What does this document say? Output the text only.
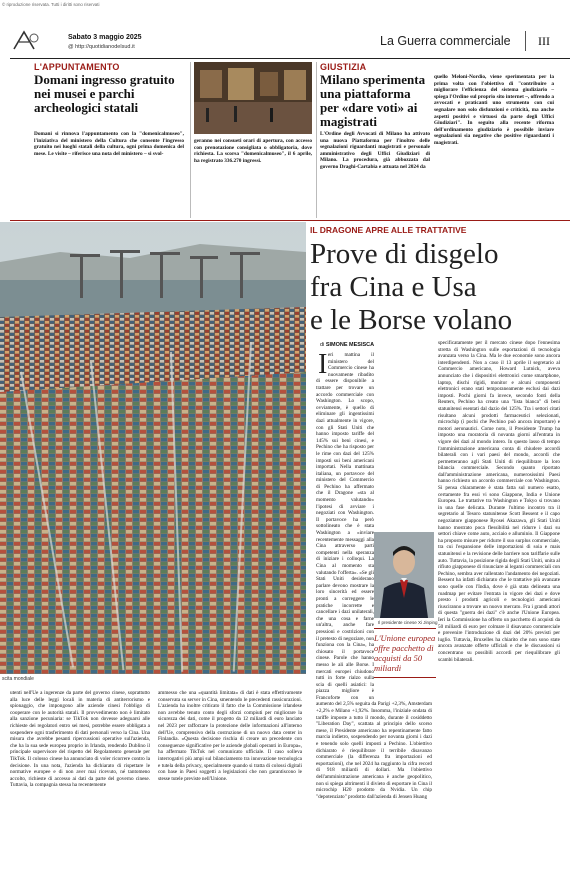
© riproduzione riservata. Tutti i diritti sono riservati
Sabato 3 maggio 2025
@ http://quotidianodelsud.it	La Guerra commerciale III
L'APPUNTAMENTO
Domani ingresso gratuito nei musei e parchi archeologici statali
Domani si rinnova l'appuntamento con la "domenicalmuseo", l'iniziativa del ministero della Cultura che consente l'ingresso gratuito nei luoghi statali della cultura, ogni prima domenica del mese. Le visite – riferisce una nota del ministero – si svol-
geranno nei consueti orari di apertura, con accesso con prenotazione consigliata o obbligatoria, dove richiesta. La scorsa "domenicalmuseo", il 6 aprile, ha registrato 336.270 ingressi.
GIUSTIZIA
Milano sperimenta una piattaforma per «dare voti» ai magistrati
L'Ordine degli Avvocati di Milano ha attivato una nuova Piattaforma per l'inoltro delle segnalazioni riguardanti magistrati e personale amministrativo degli Uffici Giudiziari di Milano. La procedura, già abbozzata dal governo Draghi-Cartabia e attuata nel 2024 da
quello Meloni-Nordio, viene sperimentata per la prima volta con l'obiettivo di "contribuire a migliorare l'efficienza del sistema giudiziario – spiega l'Ordine sul proprio sito internet –, offrendo a avvocati e praticanti uno strumento con cui segnalare non solo disfunzioni e criticità, ma anche aspetti positivi e virtuosi da parte degli Uffici Giudiziari". In seguito alla recente riforma dell'ordinamento giudiziario è possibile inviare segnalazioni sia negative che positive riguardanti i magistrati.
IL DRAGONE APRE ALLE TRATTATIVE
Prove di disgelo
fra Cina e Usa
e le Borse volano
scita mondiale
di SIMONE MESISCA
I eri mattina il ministero del Commercio cinese ha nuovamente ribadito di essere disponibile a trattare per trovare un accordo commerciale con Washington. Lo scopo, ovviamente, è quello di eliminare gli ingentissimi dazi attualmente in vigore, con gli Stati Uniti che hanno imposto tariffe del 145% sui beni cinesi, e Pechino che ha risposto per le rime con dazi del 125% imposti sui beni americani importati. Nella mattinata italiana, un portavoce del ministero del Commercio di Pechino ha affermato che il Dragone «sta al momento valutando» l'ipotesi di avviare i negoziati con Washington. Il portavoce ha però sottolineato che è stata Washington a «inviare recentemente messaggi alla Cina attraverso parti competenti nella speranza di iniziare i colloqui. La Cina al momento sta valutando l'offerta». «Se gli Stati Uniti desiderano parlare devono mostrare la loro sincerità ed essere pronti a correggere le pratiche incorrette e cancellare i dazi unilaterali, che una cosa e farne un'altra, anche fare pressioni e costrizioni con il pretesto di negoziare, non funziona con la Cina», ha chiosato il portavoce cinese. Parole che hanno messo le ali alle Borse. I mercati europei chiudono tutti in forte rialzo sulla scia di quelli asiatici: la piazza migliore è Francoforte con un aumento del 2,5% seguita da Parigi +2,3%, Amsterdam +2,2% e Milano +1,92%. Insomma, l'iniziale ondata di tariffe imposte a tutto il mondo, durante il cosiddetto "Liberation Day", scattata al principio dello scorso mese, il Presidente americano ha repentinamente fatto marcia indietro, sospendendo per novanta giorni i dazi e tenendo solo quelli imposti a Pechino. L'obiettivo dichiarato è riequilibrare il terribile disavanzo commerciale (la differenza fra importazioni ed esportazioni), che nel 2024 ha raggiunto la cifra record di 918 miliardi di dollari. Ma l'obiettivo dell'amministrazione americana è anche geopolitico, non si spiega altrimenti il divieto di esportare in Cina il microchip H20 prodotto da Nvidia. Un chip "depotenziato" prodotto dall'azienda di Jensen Huang
Il presidente cinese Xi Jinping
specificatamente per il mercato cinese dopo l'ennesima stretta di Washington sulle esportazioni di tecnologia avanzata verso la Cina. Ma le due economie sono ancora interdipendenti. Non a caso il 13 aprile il segretario al Commercio americano, Howard Lutnick, aveva annunciato che i dispositivi elettronici come smartphone, laptop, dischi rigidi, monitor e alcuni componenti elettronici erano stati temporaneamente esclusi dai dazi imposti. Pochi giorni fa invece, secondo fonti della Reuters, Pechino ha creato una "lista bianca" di beni statunitensi esentati dal dazio del 125%. Tra i settori citati risultano alcuni prodotti farmaceutici selezionati, microchip (i pochi che Pechino può ancora importare) e motori aeronautici. Come noto, il Presidente Trump ha imposto una moratoria di novanta giorni all'entrata in vigore dei dazi al mondo intero. In questo lasso di tempo l'amministrazione americana conta di chiudere accordi bilaterali con i vari paesi del mondo, accordi che permetteranno agli Stati Uniti di riequilibrare la loro bilancia commerciale. Secondo quanto riportato dall'amministrazione americana, numerosissimi Paesi hanno richiesto un accordo commerciale con Washington. Si pensa chiaramente è stata fatta sul numero esatto, certamente fra essi vi sono Giappone, India e Unione Europea. Le trattative tra Washington e Tokyo si trovano in una fase delicata. Durante l'ultimo incontro tra il segretario al Tesoro statunitense Scott Bessent e il capo negoziatore giapponese Ryosei Akazawa, gli Stati Uniti hanno mostrato poca flessibilità nel ridurre i dazi su settori chiave come auto, acciaio e alluminio. Il Giappone ha proposto misure per ridurre il suo surplus commerciale, tra cui l'espansione delle importazioni di soia e mais statunitensi e la revisione delle barriere non tariffarie sulle auto. Tuttavia, la posizione rigida degli Stati Uniti, unita al rifiuto giapponese di rinunciare ai legami commerciali con Pechino, sembra aver rallentato l'andamento dei negoziati. Bessent ha infatti dichiarato che le trattative più avanzate sono quelle con l'India, dove è già stata delineata una roadmap per evitare l'entrata in vigore dei dazi e dove presto i prodotti agricoli e tecnologici americani riusciranno a trovare un nuovo mercato. Fra i grandi attori di questa "guerra dei dazi" c'è anche l'Unione Europea. Ieri la Commissione ha offerto un pacchetto di acquisti da 50 miliardi di euro per colmare il disavanzo commerciale e prevenire l'introduzione di dazi del 20% previsti per luglio. Tuttavia, Bruxelles ha chiarito che non sono state ancora avanzate offerte ufficiali e che le discussioni si concentrano su possibili accordi per riequilibrare gli scambi bilaterali.
L'Unione europea offre pacchetto di acquisti da 50 miliardi
utenti nell'Ue a ingerenze da parte del governo cinese, soprattutto alla luce delle leggi locali in materia di antiterrorismo e spionaggio, che impongono alle aziende cinesi l'obbligo di cooperare con le autorità statali. Il provvedimento non è limitato alla sanzione pecuniaria: se TikTok non dovesse adeguarsi alle richieste dei regolatori entro sei mesi, potrebbe essere obbligata a sospendere ogni trasferimento di dati personali verso la Cina. Una misura che avrebbe pesanti ripercussioni operative sull'azienda, che ha la sua sede europea proprio in Irlanda, rendendo Dublino il principale supervisore del rispetto del Regolamento generale per TikTok. Il colosso cinese ha annunciato di voler ricorrere contro la decisione. In una nota, l'azienda ha dichiarato di rispettare le normative europee e di non aver mai ricevuto, né tantomeno accolto, richieste di accesso ai dati da parte del governo cinese. Tuttavia, la compagnia stessa ha recentemente
ammesso che una «quantità limitata» di dati è stata effettivamente conservata su server in Cina, smentendo le precedenti rassicurazioni. L'azienda ha inoltre criticato il fatto che la Commissione irlandese non avrebbe tenuto conto degli sforzi compiuti per migliorare la sicurezza dei dati, come il progetto da 12 miliardi di euro lanciato nel 2023 per rafforzare la protezione delle informazioni all'interno dell'Ue, comprensivo della costruzione di un nuovo data center in Finlandia. «Questa decisione rischia di creare un precedente con conseguenze significative per le aziende globali operanti in Europa», ha affermato TikTok nel comunicato ufficiale. Il caso solleva interrogativi più ampi sul bilanciamento tra innovazione tecnologica e tutela della privacy, specialmente quando si tratta di colossi digitali con base in Paesi soggetti a legislazioni che non garantiscono le stesse tutele previste nell'Unione.
